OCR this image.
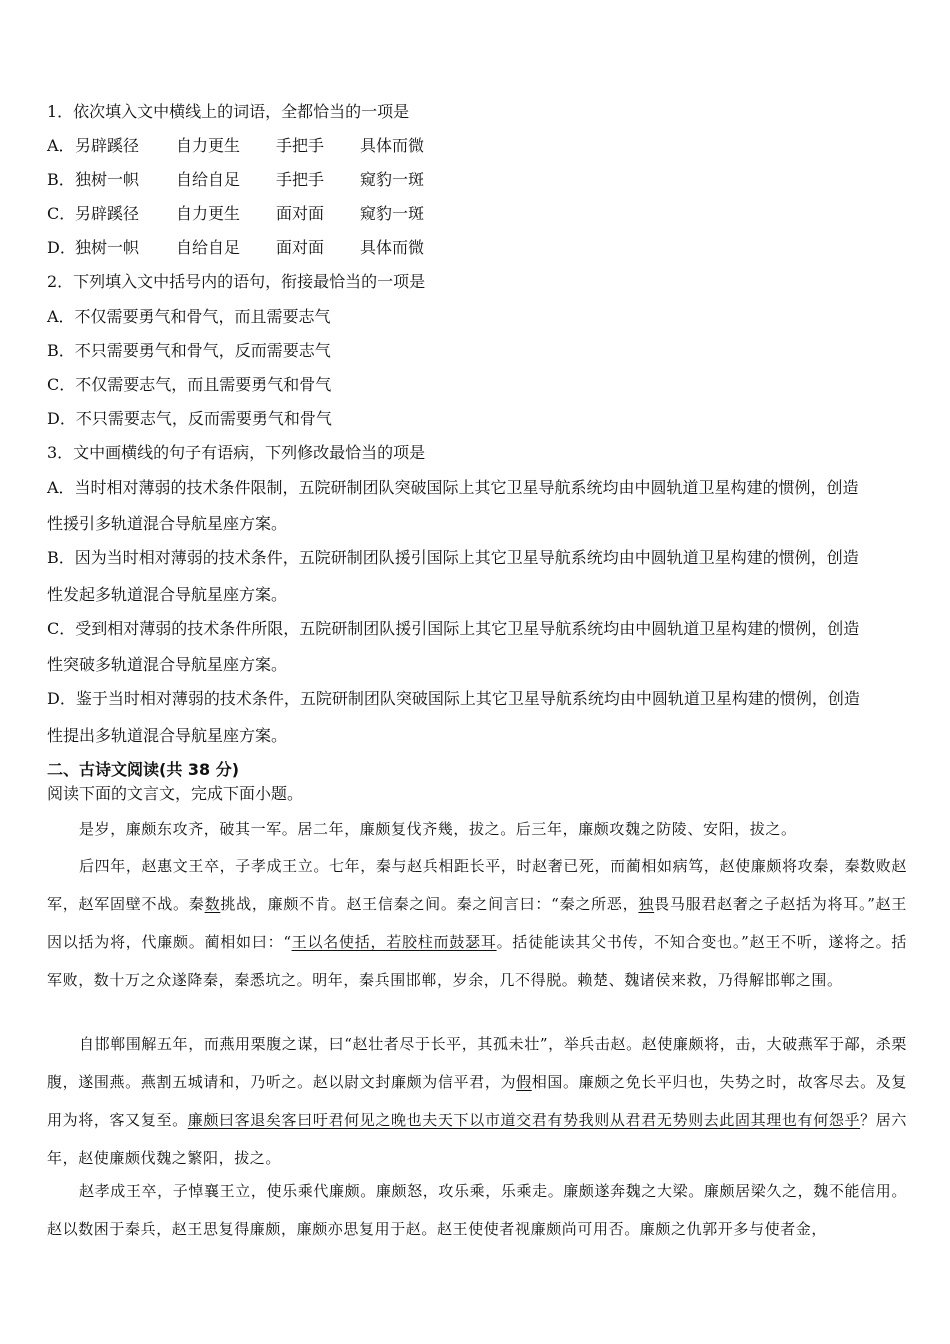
1．依次填入文中横线上的词语，全都恰当的一项是
A．另辟蹊径 自力更生 手把手 具体而微
B．独树一帜 自给自足 手把手 窥豹一斑
C．另辟蹊径 自力更生 面对面 窥豹一斑
D．独树一帜 自给自足 面对面 具体而微
2．下列填入文中括号内的语句，衔接最恰当的一项是
A．不仅需要勇气和骨气，而且需要志气
B．不只需要勇气和骨气，反而需要志气
C．不仅需要志气，而且需要勇气和骨气
D．不只需要志气，反而需要勇气和骨气
3．文中画横线的句子有语病，下列修改最恰当的项是
A．当时相对薄弱的技术条件限制，五院研制团队突破国际上其它卫星导航系统均由中圆轨道卫星构建的惯例，创造
性援引多轨道混合导航星座方案。
B．因为当时相对薄弱的技术条件，五院研制团队援引国际上其它卫星导航系统均由中圆轨道卫星构建的惯例，创造
性发起多轨道混合导航星座方案。
C．受到相对薄弱的技术条件所限，五院研制团队援引国际上其它卫星导航系统均由中圆轨道卫星构建的惯例，创造
性突破多轨道混合导航星座方案。
D．鉴于当时相对薄弱的技术条件，五院研制团队突破国际上其它卫星导航系统均由中圆轨道卫星构建的惯例，创造
性提出多轨道混合导航星座方案。
二、古诗文阅读(共 38 分)
阅读下面的文言文，完成下面小题。
是岁，廉颇东攻齐，破其一军。居二年，廉颇复伐齐幾，拔之。后三年，廉颇攻魏之防陵、安阳，拔之。
后四年，赵惠文王卒，子孝成王立。七年，秦与赵兵相距长平，时赵奢已死，而蔺相如病笃，赵使廉颇将攻秦，秦数败赵军，赵军固壁不战。秦数挑战，廉颇不肯。赵王信秦之间。秦之间言曰：“秦之所恶，独畏马服君赵奢之子赵括为将耳。”赵王因以括为将，代廉颇。蔺相如曰：“王以名使括，若胶柱而鼓瑟耳。括徒能读其父书传，不知合变也。”赵王不听，遂将之。括军败，数十万之众遂降秦，秦悉坑之。明年，秦兵围邯郸，岁余，几不得脱。赖楚、魏诸侯来救，乃得解邯郸之围。
自邯郸围解五年，而燕用栗腹之谋，曰“赵壮者尽于长平，其孤未壮”，举兵击赵。赵使廉颇将，击，大破燕军于鄗，杀栗腹，遂围燕。燕割五城请和，乃听之。赵以尉文封廉颇为信平君，为假相国。廉颇之免长平归也，失势之时，故客尽去。及复用为将，客又复至。廉颇曰客退矣客曰吁君何见之晚也夫天下以市道交君有势我则从君君无势则去此固其理也有何怨乎？居六年，赵使廉颇伐魏之繁阳，拔之。
赵孝成王卒，子悼襄王立，使乐乘代廉颇。廉颇怒，攻乐乘，乐乘走。廉颇遂奔魏之大梁。廉颇居梁久之，魏不能信用。赵以数困于秦兵，赵王思复得廉颇，廉颇亦思复用于赵。赵王使使者视廉颇尚可用否。廉颇之仇郭开多与使者金，
